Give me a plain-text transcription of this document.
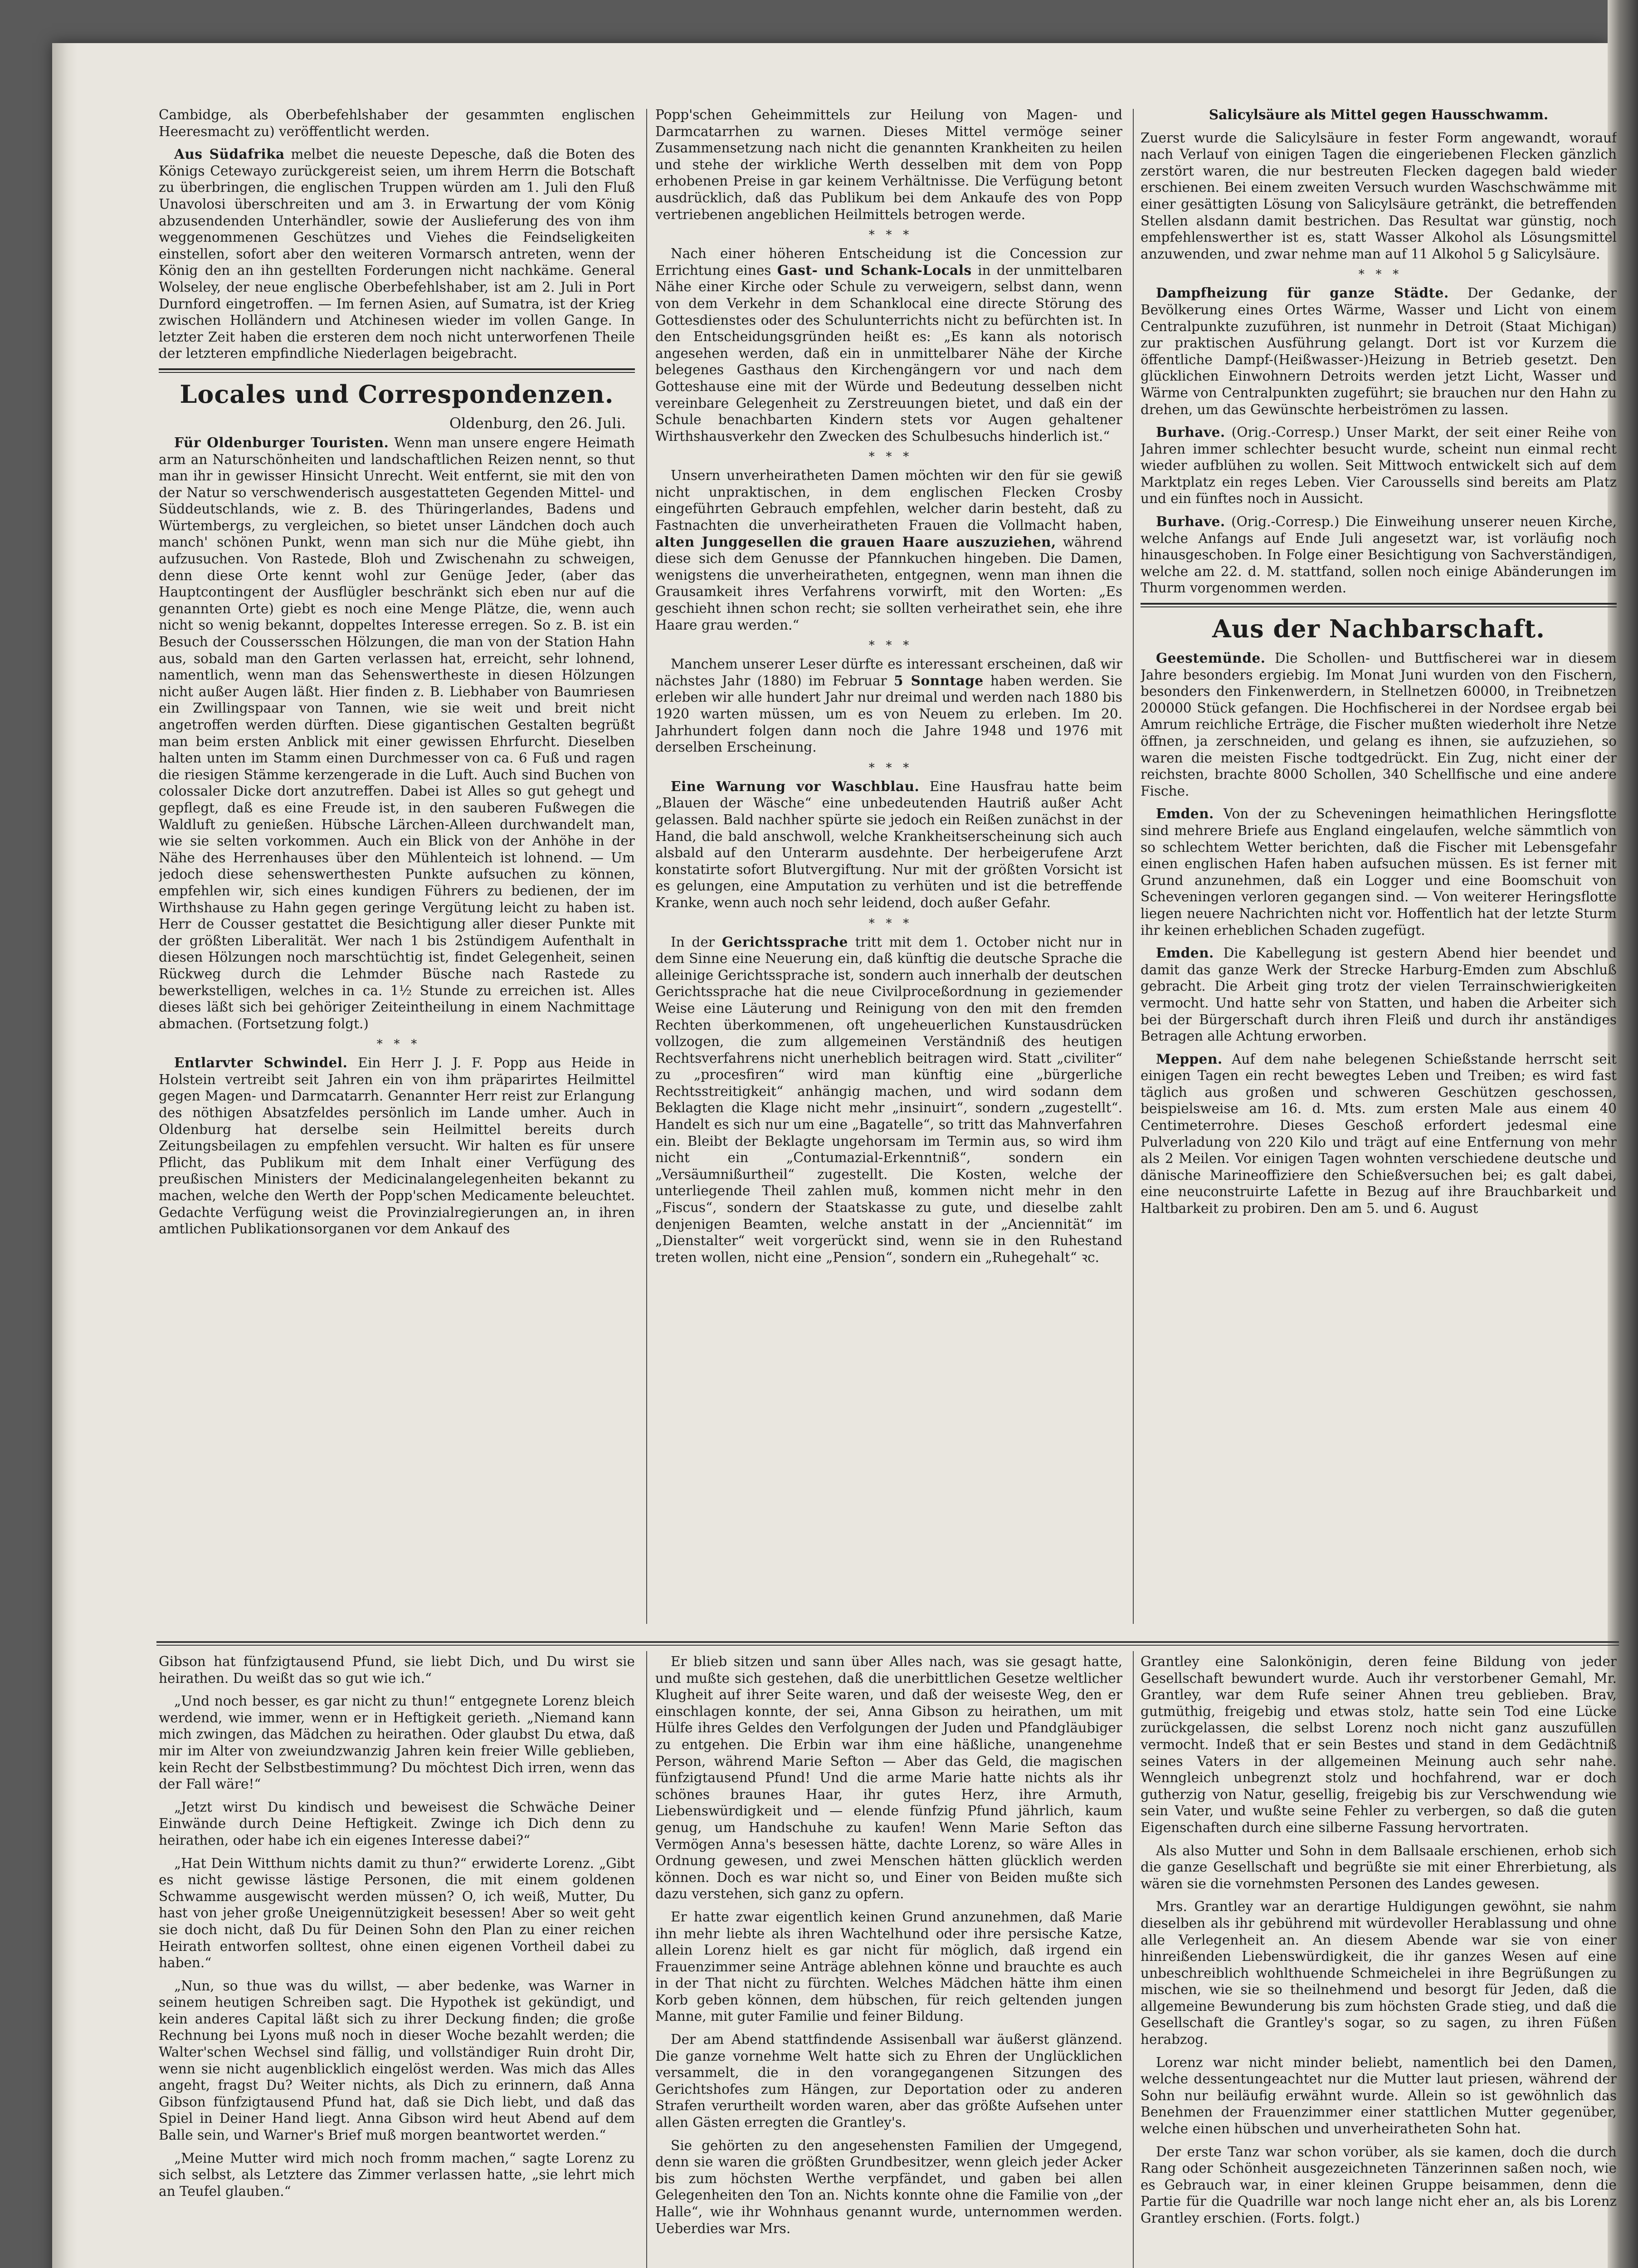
Cambidge, als Oberbefehlshaber der gesammten englischen Heeresmacht zu) veröffentlicht werden.

Aus Südafrika melbet die neueste Depesche, daß die Boten des Königs Cetewayo zurückgereist seien, um ihrem Herrn die Botschaft zu überbringen, die englischen Truppen würden am 1. Juli den Fluß Unavolosi überschreiten und am 3. in Erwartung der vom König abzusendenden Unterhändler, sowie der Auslieferung des von ihm weggenommenen Geschützes und Viehes die Feindseligkeiten einstellen, sofort aber den weiteren Vormarsch antreten, wenn der König den an ihn gestellten Forderungen nicht nachkäme. General Wolseley, der neue englische Oberbefehlshaber, ist am 2. Juli in Port Durnford eingetroffen. — Im fernen Asien, auf Sumatra, ist der Krieg zwischen Holländern und Atchinesen wieder im vollen Gange. In letzter Zeit haben die ersteren dem noch nicht unterworfenen Theile der letzteren empfindliche Niederlagen beigebracht.

Locales und Correspondenzen.
Oldenburg, den 26. Juli.

Für Oldenburger Touristen. Wenn man unsere engere Heimath arm an Naturschönheiten und landschaftlichen Reizen nennt, so thut man ihr in gewisser Hinsicht Unrecht. Weit entfernt, sie mit den von der Natur so verschwenderisch ausgestatteten Gegenden Mittel- und Süddeutschlands, wie z. B. des Thüringerlandes, Badens und Würtembergs, zu vergleichen, so bietet unser Ländchen doch auch manch' schönen Punkt, wenn man sich nur die Mühe giebt, ihn aufzusuchen. Von Rastede, Bloh und Zwischenahn zu schweigen, denn diese Orte kennt wohl zur Genüge Jeder, (aber das Hauptcontingent der Ausflügler beschränkt sich eben nur auf die genannten Orte) giebt es noch eine Menge Plätze, die, wenn auch nicht so wenig bekannt, doppeltes Interesse erregen. So z. B. ist ein Besuch der Coussersschen Hölzungen, die man von der Station Hahn aus, sobald man den Garten verlassen hat, erreicht, sehr lohnend, namentlich, wenn man das Sehenswertheste in diesen Hölzungen nicht außer Augen läßt. Hier finden z. B. Liebhaber von Baumriesen ein Zwillingspaar von Tannen, wie sie weit und breit nicht angetroffen werden dürften. Diese gigantischen Gestalten begrüßt man beim ersten Anblick mit einer gewissen Ehrfurcht. Dieselben halten unten im Stamm einen Durchmesser von ca. 6 Fuß und ragen die riesigen Stämme kerzengerade in die Luft. Auch sind Buchen von colossaler Dicke dort anzutreffen. Dabei ist Alles so gut gehegt und gepflegt, daß es eine Freude ist, in den sauberen Fußwegen die Waldluft zu genießen. Hübsche Lärchen-Alleen durchwandelt man, wie sie selten vorkommen. Auch ein Blick von der Anhöhe in der Nähe des Herrenhauses über den Mühlenteich ist lohnend. — Um jedoch diese sehenswerthesten Punkte aufsuchen zu können, empfehlen wir, sich eines kundigen Führers zu bedienen, der im Wirthshause zu Hahn gegen geringe Vergütung leicht zu haben ist. Herr de Cousser gestattet die Besichtigung aller dieser Punkte mit der größten Liberalität. Wer nach 1 bis 2stündigem Aufenthalt in diesen Hölzungen noch marschtüchtig ist, findet Gelegenheit, seinen Rückweg durch die Lehmder Büsche nach Rastede zu bewerkstelligen, welches in ca. 1½ Stunde zu erreichen ist. Alles dieses läßt sich bei gehöriger Zeiteintheilung in einem Nachmittage abmachen. (Fortsetzung folgt.)

*   *   *

Entlarvter Schwindel. Ein Herr J. J. F. Popp aus Heide in Holstein vertreibt seit Jahren ein von ihm präparirtes Heilmittel gegen Magen- und Darmcatarrh. Genannter Herr reist zur Erlangung des nöthigen Absatzfeldes persönlich im Lande umher. Auch in Oldenburg hat derselbe sein Heilmittel bereits durch Zeitungsbeilagen zu empfehlen versucht. Wir halten es für unsere Pflicht, das Publikum mit dem Inhalt einer Verfügung des preußischen Ministers der Medicinalangelegenheiten bekannt zu machen, welche den Werth der Popp'schen Medicamente beleuchtet. Gedachte Verfügung weist die Provinzialregierungen an, in ihren amtlichen Publikationsorganen vor dem Ankauf des

Popp'schen Geheimmittels zur Heilung von Magen- und Darmcatarrhen zu warnen. Dieses Mittel vermöge seiner Zusammensetzung nach nicht die genannten Krankheiten zu heilen und stehe der wirkliche Werth desselben mit dem von Popp erhobenen Preise in gar keinem Verhältnisse. Die Verfügung betont ausdrücklich, daß das Publikum bei dem Ankaufe des von Popp vertriebenen angeblichen Heilmittels betrogen werde.

*   *   *

Nach einer höheren Entscheidung ist die Concession zur Errichtung eines Gast- und Schank-Locals in der unmittelbaren Nähe einer Kirche oder Schule zu verweigern, selbst dann, wenn von dem Verkehr in dem Schanklocal eine directe Störung des Gottesdienstes oder des Schulunterrichts nicht zu befürchten ist. In den Entscheidungsgründen heißt es: „Es kann als notorisch angesehen werden, daß ein in unmittelbarer Nähe der Kirche belegenes Gasthaus den Kirchengängern vor und nach dem Gotteshause eine mit der Würde und Bedeutung desselben nicht vereinbare Gelegenheit zu Zerstreuungen bietet, und daß ein der Schule benachbarten Kindern stets vor Augen gehaltener Wirthshausverkehr den Zwecken des Schulbesuchs hinderlich ist.“

*   *   *

Unsern unverheiratheten Damen möchten wir den für sie gewiß nicht unpraktischen, in dem englischen Flecken Crosby eingeführten Gebrauch empfehlen, welcher darin besteht, daß zu Fastnachten die unverheiratheten Frauen die Vollmacht haben, alten Junggesellen die grauen Haare auszuziehen, während diese sich dem Genusse der Pfannkuchen hingeben. Die Damen, wenigstens die unverheiratheten, entgegnen, wenn man ihnen die Grausamkeit ihres Verfahrens vorwirft, mit den Worten: „Es geschieht ihnen schon recht; sie sollten verheirathet sein, ehe ihre Haare grau werden.“

*   *   *

Manchem unserer Leser dürfte es interessant erscheinen, daß wir nächstes Jahr (1880) im Februar 5 Sonntage haben werden. Sie erleben wir alle hundert Jahr nur dreimal und werden nach 1880 bis 1920 warten müssen, um es von Neuem zu erleben. Im 20. Jahrhundert folgen dann noch die Jahre 1948 und 1976 mit derselben Erscheinung.

*   *   *

Eine Warnung vor Waschblau. Eine Hausfrau hatte beim „Blauen der Wäsche“ eine unbedeutenden Hautriß außer Acht gelassen. Bald nachher spürte sie jedoch ein Reißen zunächst in der Hand, die bald anschwoll, welche Krankheitserscheinung sich auch alsbald auf den Unterarm ausdehnte. Der herbeigerufene Arzt konstatirte sofort Blutvergiftung. Nur mit der größten Vorsicht ist es gelungen, eine Amputation zu verhüten und ist die betreffende Kranke, wenn auch noch sehr leidend, doch außer Gefahr.

*   *   *

In der Gerichtssprache tritt mit dem 1. October nicht nur in dem Sinne eine Neuerung ein, daß künftig die deutsche Sprache die alleinige Gerichtssprache ist, sondern auch innerhalb der deutschen Gerichtssprache hat die neue Civilproceßordnung in geziemender Weise eine Läuterung und Reinigung von den mit den fremden Rechten überkommenen, oft ungeheuerlichen Kunstausdrücken vollzogen, die zum allgemeinen Verständniß des heutigen Rechtsverfahrens nicht unerheblich beitragen wird. Statt „civiliter“ zu „procesfiren“ wird man künftig eine „bürgerliche Rechtsstreitigkeit“ anhängig machen, und wird sodann dem Beklagten die Klage nicht mehr „insinuirt“, sondern „zugestellt“. Handelt es sich nur um eine „Bagatelle“, so tritt das Mahnverfahren ein. Bleibt der Beklagte ungehorsam im Termin aus, so wird ihm nicht ein „Contumazial-Erkenntniß“, sondern ein „Versäumnißurtheil“ zugestellt. Die Kosten, welche der unterliegende Theil zahlen muß, kommen nicht mehr in den „Fiscus“, sondern der Staatskasse zu gute, und dieselbe zahlt denjenigen Beamten, welche anstatt in der „Anciennität“ im „Dienstalter“ weit vorgerückt sind, wenn sie in den Ruhestand treten wollen, nicht eine „Pension“, sondern ein „Ruhegehalt“ ꝛc.

Salicylsäure als Mittel gegen Hausschwamm.

Zuerst wurde die Salicylsäure in fester Form angewandt, worauf nach Verlauf von einigen Tagen die eingeriebenen Flecken gänzlich zerstört waren, die nur bestreuten Flecken dagegen bald wieder erschienen. Bei einem zweiten Versuch wurden Waschschwämme mit einer gesättigten Lösung von Salicylsäure getränkt, die betreffenden Stellen alsdann damit bestrichen. Das Resultat war günstig, noch empfehlenswerther ist es, statt Wasser Alkohol als Lösungsmittel anzuwenden, und zwar nehme man auf 11 Alkohol 5 g Salicylsäure.

*   *   *

Dampfheizung für ganze Städte. Der Gedanke, der Bevölkerung eines Ortes Wärme, Wasser und Licht von einem Centralpunkte zuzuführen, ist nunmehr in Detroit (Staat Michigan) zur praktischen Ausführung gelangt. Dort ist vor Kurzem die öffentliche Dampf-(Heißwasser-)Heizung in Betrieb gesetzt. Den glücklichen Einwohnern Detroits werden jetzt Licht, Wasser und Wärme von Centralpunkten zugeführt; sie brauchen nur den Hahn zu drehen, um das Gewünschte herbeiströmen zu lassen.

Burhave. (Orig.-Corresp.) Unser Markt, der seit einer Reihe von Jahren immer schlechter besucht wurde, scheint nun einmal recht wieder aufblühen zu wollen. Seit Mittwoch entwickelt sich auf dem Marktplatz ein reges Leben. Vier Caroussells sind bereits am Platz und ein fünftes noch in Aussicht.

Burhave. (Orig.-Corresp.) Die Einweihung unserer neuen Kirche, welche Anfangs auf Ende Juli angesetzt war, ist vorläufig noch hinausgeschoben. In Folge einer Besichtigung von Sachverständigen, welche am 22. d. M. stattfand, sollen noch einige Abänderungen im Thurm vorgenommen werden.

Aus der Nachbarschaft.

Geestemünde. Die Schollen- und Buttfischerei war in diesem Jahre besonders ergiebig. Im Monat Juni wurden von den Fischern, besonders den Finkenwerdern, in Stellnetzen 60000, in Treibnetzen 200000 Stück gefangen. Die Hochfischerei in der Nordsee ergab bei Amrum reichliche Erträge, die Fischer mußten wiederholt ihre Netze öffnen, ja zerschneiden, und gelang es ihnen, sie aufzuziehen, so waren die meisten Fische todtgedrückt. Ein Zug, nicht einer der reichsten, brachte 8000 Schollen, 340 Schellfische und eine andere Fische.

Emden. Von der zu Scheveningen heimathlichen Heringsflotte sind mehrere Briefe aus England eingelaufen, welche sämmtlich von so schlechtem Wetter berichten, daß die Fischer mit Lebensgefahr einen englischen Hafen haben aufsuchen müssen. Es ist ferner mit Grund anzunehmen, daß ein Logger und eine Boomschuit von Scheveningen verloren gegangen sind. — Von weiterer Heringsflotte liegen neuere Nachrichten nicht vor. Hoffentlich hat der letzte Sturm ihr keinen erheblichen Schaden zugefügt.

Emden. Die Kabellegung ist gestern Abend hier beendet und damit das ganze Werk der Strecke Harburg-Emden zum Abschluß gebracht. Die Arbeit ging trotz der vielen Terrainschwierigkeiten vermocht. Und hatte sehr von Statten, und haben die Arbeiter sich bei der Bürgerschaft durch ihren Fleiß und durch ihr anständiges Betragen alle Achtung erworben.

Meppen. Auf dem nahe belegenen Schießstande herrscht seit einigen Tagen ein recht bewegtes Leben und Treiben; es wird fast täglich aus großen und schweren Geschützen geschossen, beispielsweise am 16. d. Mts. zum ersten Male aus einem 40 Centimeterrohre. Dieses Geschoß erfordert jedesmal eine Pulverladung von 220 Kilo und trägt auf eine Entfernung von mehr als 2 Meilen. Vor einigen Tagen wohnten verschiedene deutsche und dänische Marineoffiziere den Schießversuchen bei; es galt dabei, eine neuconstruirte Lafette in Bezug auf ihre Brauchbarkeit und Haltbarkeit zu probiren. Den am 5. und 6. August

Gibson hat fünfzigtausend Pfund, sie liebt Dich, und Du wirst sie heirathen. Du weißt das so gut wie ich.“

„Und noch besser, es gar nicht zu thun!“ entgegnete Lorenz bleich werdend, wie immer, wenn er in Heftigkeit gerieth. „Niemand kann mich zwingen, das Mädchen zu heirathen. Oder glaubst Du etwa, daß mir im Alter von zweiundzwanzig Jahren kein freier Wille geblieben, kein Recht der Selbstbestimmung? Du möchtest Dich irren, wenn das der Fall wäre!“

„Jetzt wirst Du kindisch und beweisest die Schwäche Deiner Einwände durch Deine Heftigkeit. Zwinge ich Dich denn zu heirathen, oder habe ich ein eigenes Interesse dabei?“

„Hat Dein Witthum nichts damit zu thun?“ erwiderte Lorenz. „Gibt es nicht gewisse lästige Personen, die mit einem goldenen Schwamme ausgewischt werden müssen? O, ich weiß, Mutter, Du hast von jeher große Uneigennützigkeit besessen! Aber so weit geht sie doch nicht, daß Du für Deinen Sohn den Plan zu einer reichen Heirath entworfen solltest, ohne einen eigenen Vortheil dabei zu haben.“

„Nun, so thue was du willst, — aber bedenke, was Warner in seinem heutigen Schreiben sagt. Die Hypothek ist gekündigt, und kein anderes Capital läßt sich zu ihrer Deckung finden; die große Rechnung bei Lyons muß noch in dieser Woche bezahlt werden; die Walter'schen Wechsel sind fällig, und vollständiger Ruin droht Dir, wenn sie nicht augenblicklich eingelöst werden. Was mich das Alles angeht, fragst Du? Weiter nichts, als Dich zu erinnern, daß Anna Gibson fünfzigtausend Pfund hat, daß sie Dich liebt, und daß das Spiel in Deiner Hand liegt. Anna Gibson wird heut Abend auf dem Balle sein, und Warner's Brief muß morgen beantwortet werden.“

„Meine Mutter wird mich noch fromm machen,“ sagte Lorenz zu sich selbst, als Letztere das Zimmer verlassen hatte, „sie lehrt mich an Teufel glauben.“

Er blieb sitzen und sann über Alles nach, was sie gesagt hatte, und mußte sich gestehen, daß die unerbittlichen Gesetze weltlicher Klugheit auf ihrer Seite waren, und daß der weiseste Weg, den er einschlagen konnte, der sei, Anna Gibson zu heirathen, um mit Hülfe ihres Geldes den Verfolgungen der Juden und Pfandgläubiger zu entgehen. Die Erbin war ihm eine häßliche, unangenehme Person, während Marie Sefton — Aber das Geld, die magischen fünfzigtausend Pfund! Und die arme Marie hatte nichts als ihr schönes braunes Haar, ihr gutes Herz, ihre Armuth, Liebenswürdigkeit und — elende fünfzig Pfund jährlich, kaum genug, um Handschuhe zu kaufen! Wenn Marie Sefton das Vermögen Anna's besessen hätte, dachte Lorenz, so wäre Alles in Ordnung gewesen, und zwei Menschen hätten glücklich werden können. Doch es war nicht so, und Einer von Beiden mußte sich dazu verstehen, sich ganz zu opfern.

Er hatte zwar eigentlich keinen Grund anzunehmen, daß Marie ihn mehr liebte als ihren Wachtelhund oder ihre persische Katze, allein Lorenz hielt es gar nicht für möglich, daß irgend ein Frauenzimmer seine Anträge ablehnen könne und brauchte es auch in der That nicht zu fürchten. Welches Mädchen hätte ihm einen Korb geben können, dem hübschen, für reich geltenden jungen Manne, mit guter Familie und feiner Bildung.

Der am Abend stattfindende Assisenball war äußerst glänzend. Die ganze vornehme Welt hatte sich zu Ehren der Unglücklichen versammelt, die in den vorangegangenen Sitzungen des Gerichtshofes zum Hängen, zur Deportation oder zu anderen Strafen verurtheilt worden waren, aber das größte Aufsehen unter allen Gästen erregten die Grantley's.

Sie gehörten zu den angesehensten Familien der Umgegend, denn sie waren die größten Grundbesitzer, wenn gleich jeder Acker bis zum höchsten Werthe verpfändet, und gaben bei allen Gelegenheiten den Ton an. Nichts konnte ohne die Familie von „der Halle“, wie ihr Wohnhaus genannt wurde, unternommen werden. Ueberdies war Mrs.

Grantley eine Salonkönigin, deren feine Bildung von jeder Gesellschaft bewundert wurde. Auch ihr verstorbener Gemahl, Mr. Grantley, war dem Rufe seiner Ahnen treu geblieben. Brav, gutmüthig, freigebig und etwas stolz, hatte sein Tod eine Lücke zurückgelassen, die selbst Lorenz noch nicht ganz auszufüllen vermocht. Indeß that er sein Bestes und stand in dem Gedächtniß seines Vaters in der allgemeinen Meinung auch sehr nahe. Wenngleich unbegrenzt stolz und hochfahrend, war er doch gutherzig von Natur, gesellig, freigebig bis zur Verschwendung wie sein Vater, und wußte seine Fehler zu verbergen, so daß die guten Eigenschaften durch eine silberne Fassung hervortraten.

Als also Mutter und Sohn in dem Ballsaale erschienen, erhob sich die ganze Gesellschaft und begrüßte sie mit einer Ehrerbietung, als wären sie die vornehmsten Personen des Landes gewesen.

Mrs. Grantley war an derartige Huldigungen gewöhnt, sie nahm dieselben als ihr gebührend mit würdevoller Herablassung und ohne alle Verlegenheit an. An diesem Abende war sie von einer hinreißenden Liebenswürdigkeit, die ihr ganzes Wesen auf eine unbeschreiblich wohlthuende Schmeichelei in ihre Begrüßungen zu mischen, wie sie so theilnehmend und besorgt für Jeden, daß die allgemeine Bewunderung bis zum höchsten Grade stieg, und daß die Gesellschaft die Grantley's sogar, so zu sagen, zu ihren Füßen herabzog.

Lorenz war nicht minder beliebt, namentlich bei den Damen, welche dessentungeachtet nur die Mutter laut priesen, während der Sohn nur beiläufig erwähnt wurde. Allein so ist gewöhnlich das Benehmen der Frauenzimmer einer stattlichen Mutter gegenüber, welche einen hübschen und unverheiratheten Sohn hat.

Der erste Tanz war schon vorüber, als sie kamen, doch die durch Rang oder Schönheit ausgezeichneten Tänzerinnen saßen noch, wie es Gebrauch war, in einer kleinen Gruppe beisammen, denn die Partie für die Quadrille war noch lange nicht eher an, als bis Lorenz Grantley erschien. (Forts. folgt.)
